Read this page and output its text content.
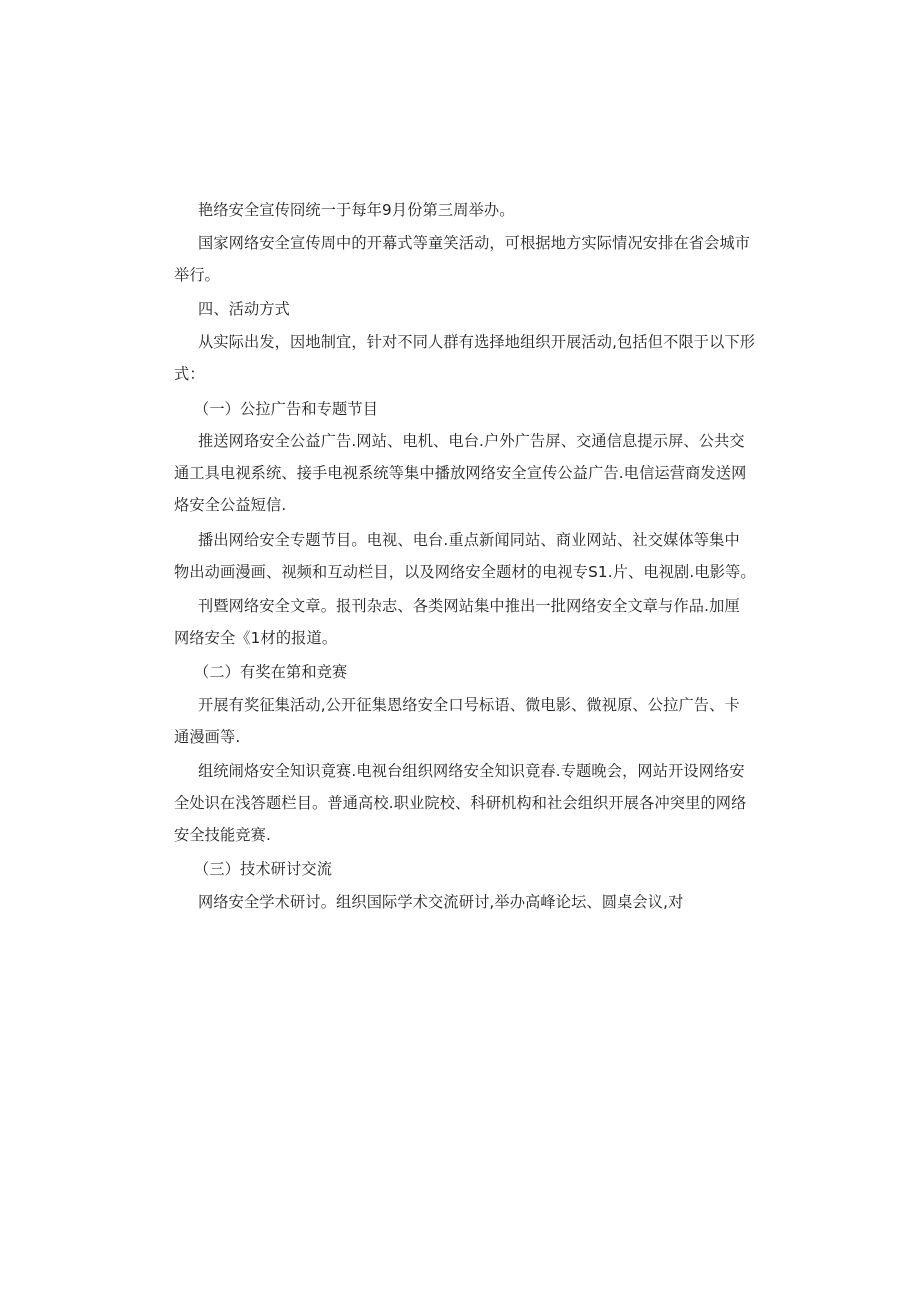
艳络安全宣传冏统一于每年9月份第三周举办。

国家网络安全宣传周中的开幕式等童笑活动，可根据地方实际情况安排在省会城市
举行。

四、活动方式

从实际出发，因地制宜，针对不同人群有选择地组织开展活动,包括但不限于以下形
式：

（一）公拉广告和专题节目

推送网珞安全公益广告.网站、电机、电台.户外广告屏、交通信息提示屏、公共交
通工具电视系统、接手电视系统等集中播放网络安全宣传公益广告.电信运营商发送网
烙安全公益短信.

播出网给安全专题节目。电视、电台.重点新闻同站、商业网站、社交媒体等集中
物出动画漫画、视频和互动栏目，以及网络安全题材的电视专S1.片、电视剧.电影等。

刊暨网络安全文章。报刊杂志、各类网站集中推出一批网络安全文章与作品.加厘
网络安全《1材的报道。

（二）有奖在第和竞赛

开展有奖征集活动,公开征集恩络安全口号标语、微电影、微视原、公拉广告、卡
通漫画等.

组统闹烙安全知识竟赛.电视台组织网络安全知识竟春.专题晚会，网站开设网络安
全处识在浅答题栏目。普通高校.职业院校、科研机构和社会组织开展各冲突里的网络
安全技能竞赛.

（三）技术研讨交流

网络安全学术研讨。组织国际学术交流研讨,举办高峰论坛、圆桌会议,对
